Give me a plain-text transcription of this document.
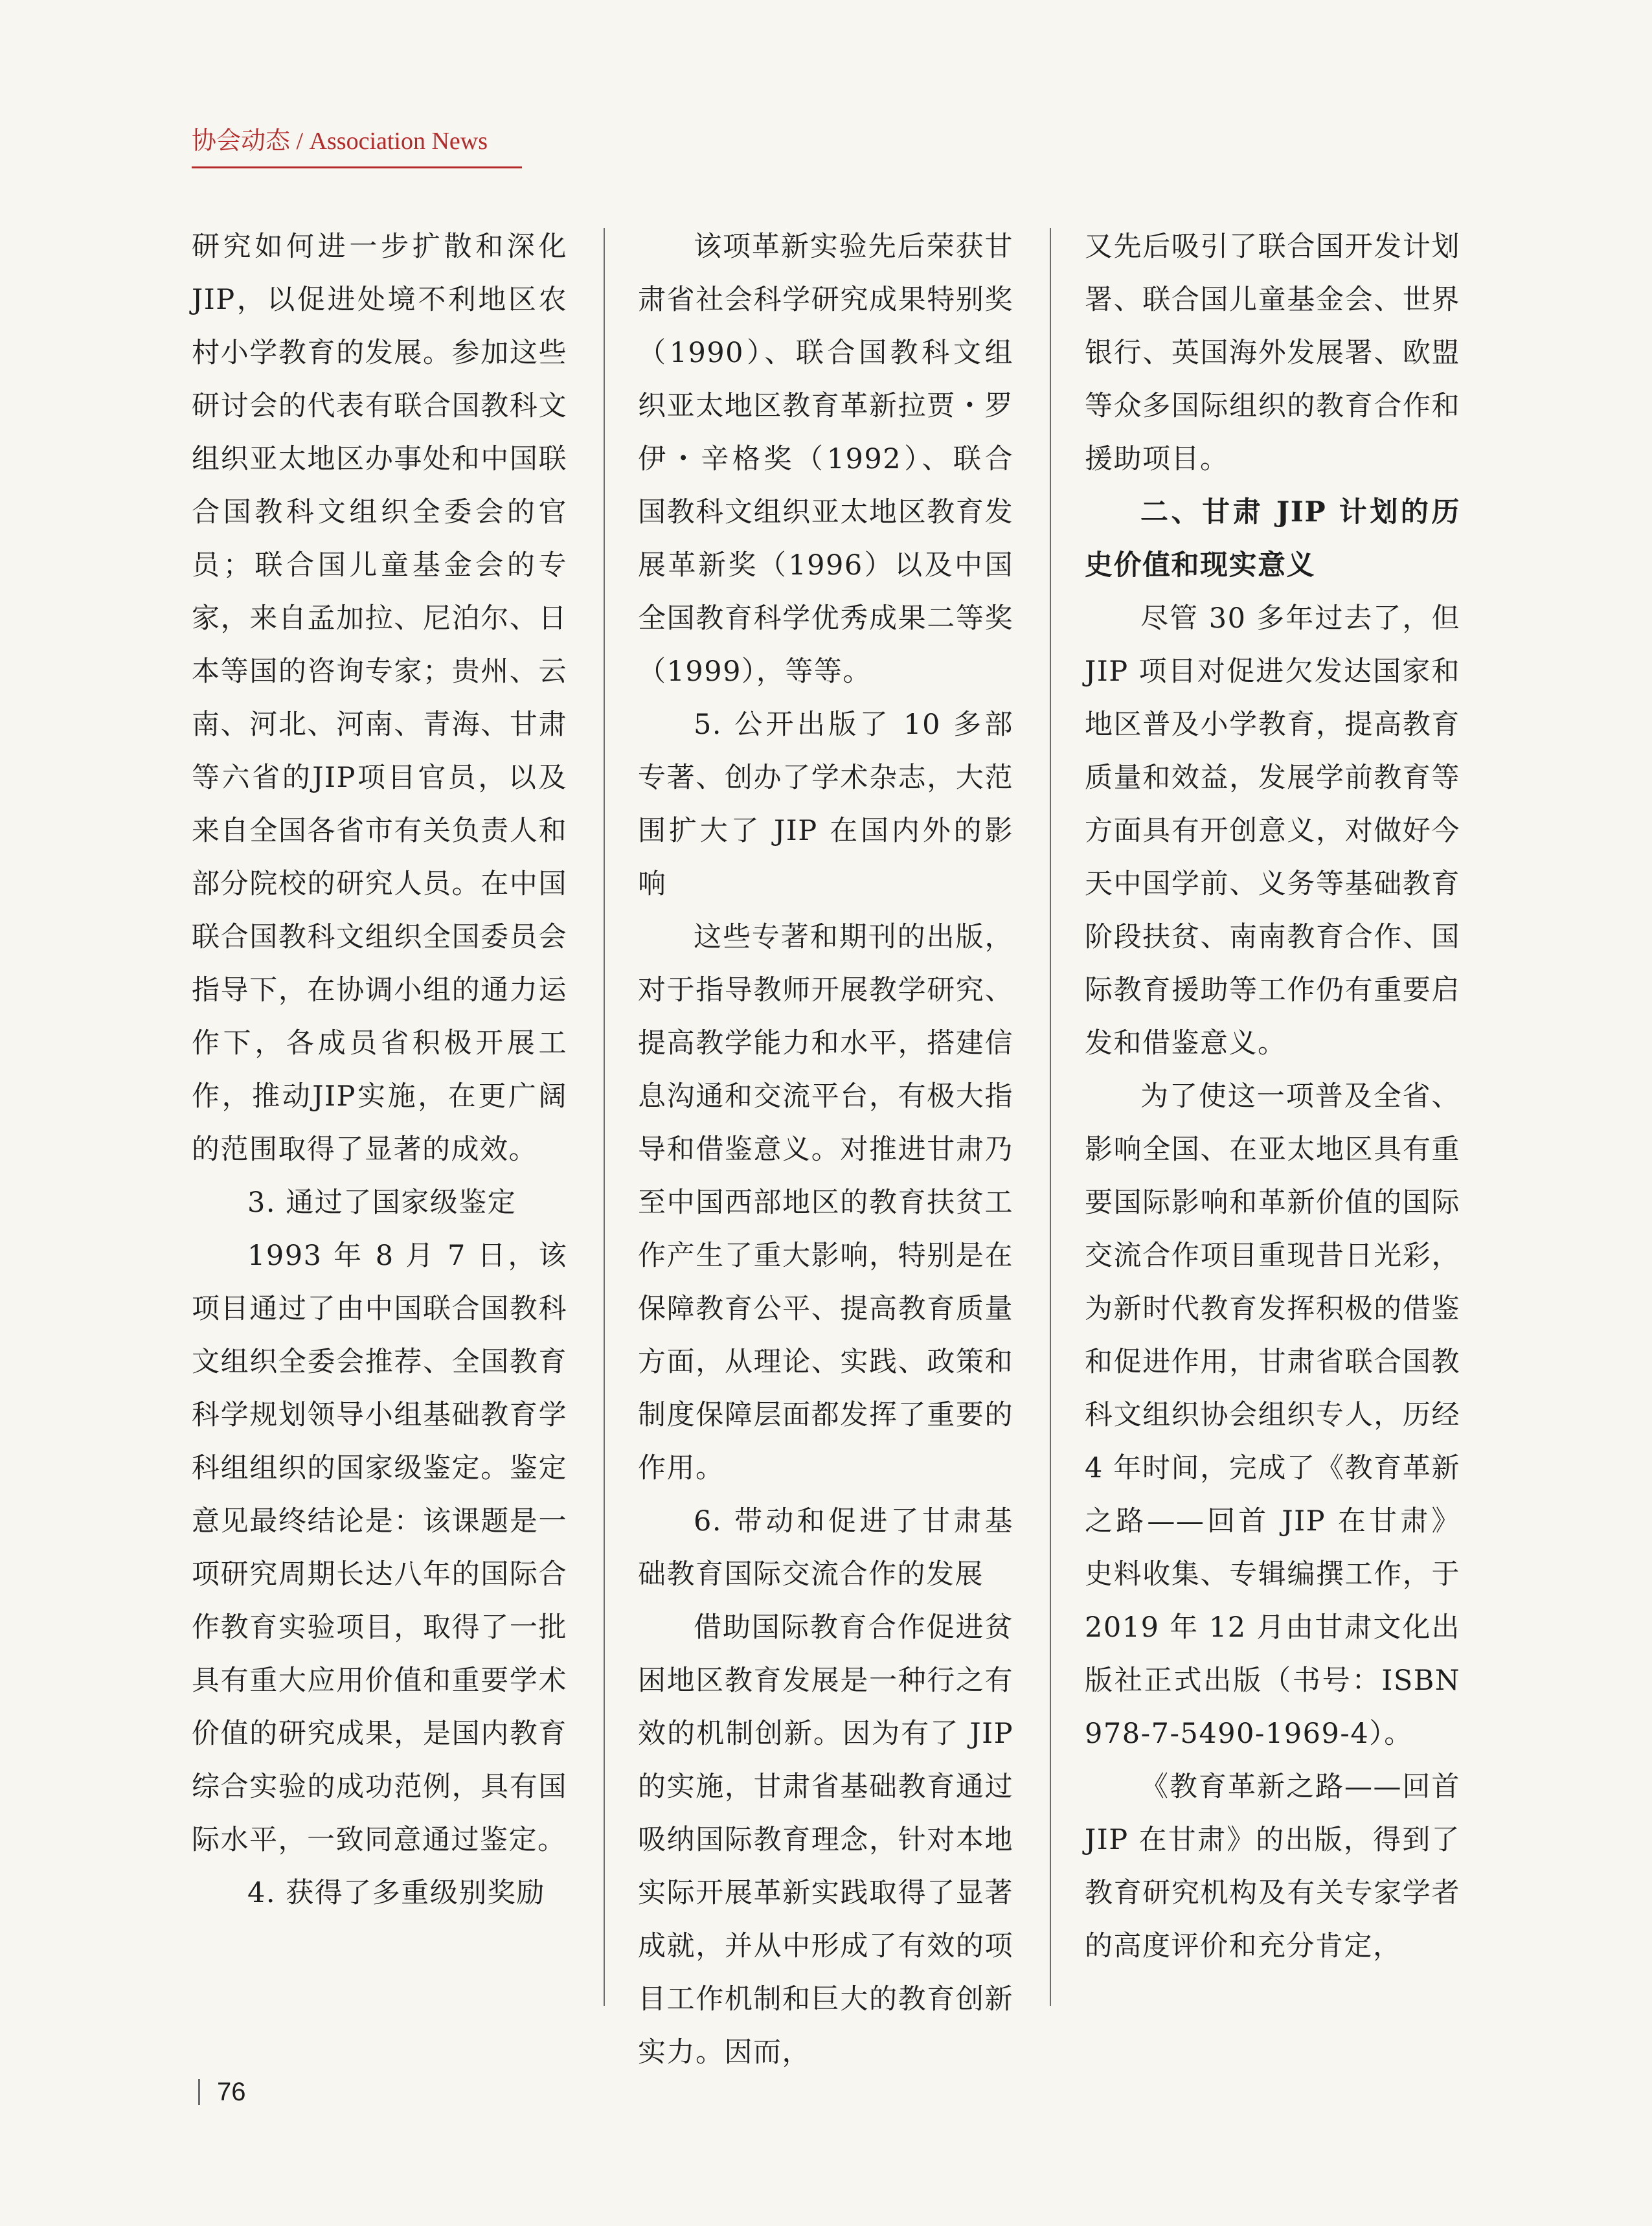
协会动态 / Association News

研究如何进一步扩散和深化JIP，以促进处境不利地区农村小学教育的发展。参加这些研讨会的代表有联合国教科文组织亚太地区办事处和中国联合国教科文组织全委会的官员；联合国儿童基金会的专家，来自孟加拉、尼泊尔、日本等国的咨询专家；贵州、云南、河北、河南、青海、甘肃等六省的JIP项目官员，以及来自全国各省市有关负责人和部分院校的研究人员。在中国联合国教科文组织全国委员会指导下，在协调小组的通力运作下，各成员省积极开展工作，推动JIP实施，在更广阔的范围取得了显著的成效。

3. 通过了国家级鉴定

1993 年 8 月 7 日，该项目通过了由中国联合国教科文组织全委会推荐、全国教育科学规划领导小组基础教育学科组组织的国家级鉴定。鉴定意见最终结论是：该课题是一项研究周期长达八年的国际合作教育实验项目，取得了一批具有重大应用价值和重要学术价值的研究成果，是国内教育综合实验的成功范例，具有国际水平，一致同意通过鉴定。

4. 获得了多重级别奖励

该项革新实验先后荣获甘肃省社会科学研究成果特别奖（1990）、联合国教科文组织亚太地区教育革新拉贾・罗伊・辛格奖（1992）、联合国教科文组织亚太地区教育发展革新奖（1996）以及中国全国教育科学优秀成果二等奖（1999），等等。

5. 公开出版了 10 多部专著、创办了学术杂志，大范围扩大了 JIP 在国内外的影响

这些专著和期刊的出版，对于指导教师开展教学研究、提高教学能力和水平，搭建信息沟通和交流平台，有极大指导和借鉴意义。对推进甘肃乃至中国西部地区的教育扶贫工作产生了重大影响，特别是在保障教育公平、提高教育质量方面，从理论、实践、政策和制度保障层面都发挥了重要的作用。

6. 带动和促进了甘肃基础教育国际交流合作的发展

借助国际教育合作促进贫困地区教育发展是一种行之有效的机制创新。因为有了 JIP 的实施，甘肃省基础教育通过吸纳国际教育理念，针对本地实际开展革新实践取得了显著成就，并从中形成了有效的项目工作机制和巨大的教育创新实力。因而，

又先后吸引了联合国开发计划署、联合国儿童基金会、世界银行、英国海外发展署、欧盟等众多国际组织的教育合作和援助项目。

二、甘肃 JIP 计划的历史价值和现实意义

尽管 30 多年过去了，但 JIP 项目对促进欠发达国家和地区普及小学教育，提高教育质量和效益，发展学前教育等方面具有开创意义，对做好今天中国学前、义务等基础教育阶段扶贫、南南教育合作、国际教育援助等工作仍有重要启发和借鉴意义。

为了使这一项普及全省、影响全国、在亚太地区具有重要国际影响和革新价值的国际交流合作项目重现昔日光彩，为新时代教育发挥积极的借鉴和促进作用，甘肃省联合国教科文组织协会组织专人，历经 4 年时间，完成了《教育革新之路——回首 JIP 在甘肃》史料收集、专辑编撰工作，于 2019 年 12 月由甘肃文化出版社正式出版（书号：ISBN 978-7-5490-1969-4）。

《教育革新之路——回首 JIP 在甘肃》的出版，得到了教育研究机构及有关专家学者的高度评价和充分肯定，

76
